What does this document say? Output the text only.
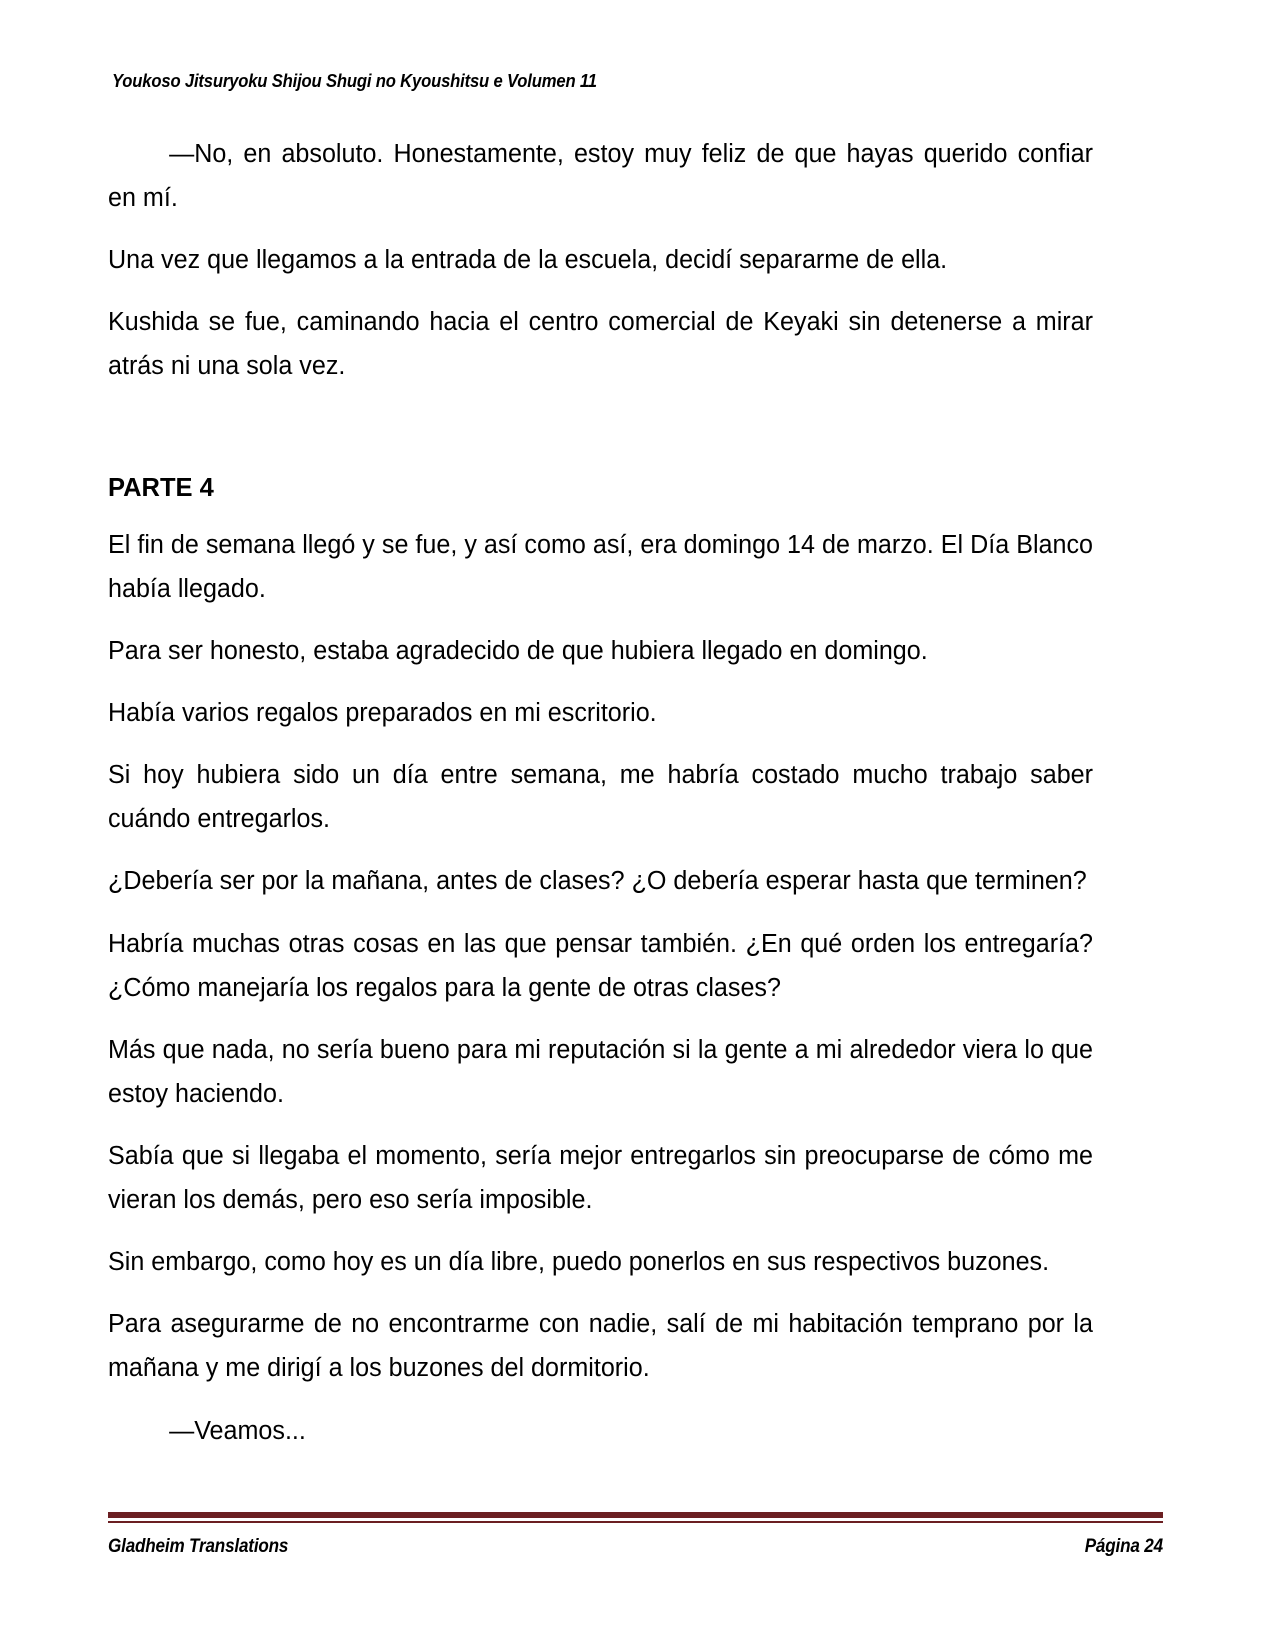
Youkoso Jitsuryoku Shijou Shugi no Kyoushitsu e Volumen 11

—No, en absoluto. Honestamente, estoy muy feliz de que hayas querido confiar en mí.

Una vez que llegamos a la entrada de la escuela, decidí separarme de ella.

Kushida se fue, caminando hacia el centro comercial de Keyaki sin detenerse a mirar atrás ni una sola vez.

PARTE 4

El fin de semana llegó y se fue, y así como así, era domingo 14 de marzo. El Día Blanco había llegado.

Para ser honesto, estaba agradecido de que hubiera llegado en domingo.

Había varios regalos preparados en mi escritorio.

Si hoy hubiera sido un día entre semana, me habría costado mucho trabajo saber cuándo entregarlos.

¿Debería ser por la mañana, antes de clases? ¿O debería esperar hasta que terminen?

Habría muchas otras cosas en las que pensar también. ¿En qué orden los entregaría? ¿Cómo manejaría los regalos para la gente de otras clases?

Más que nada, no sería bueno para mi reputación si la gente a mi alrededor viera lo que estoy haciendo.

Sabía que si llegaba el momento, sería mejor entregarlos sin preocuparse de cómo me vieran los demás, pero eso sería imposible.

Sin embargo, como hoy es un día libre, puedo ponerlos en sus respectivos buzones.

Para asegurarme de no encontrarme con nadie, salí de mi habitación temprano por la mañana y me dirigí a los buzones del dormitorio.

—Veamos...

Gladheim Translations	Página 24
